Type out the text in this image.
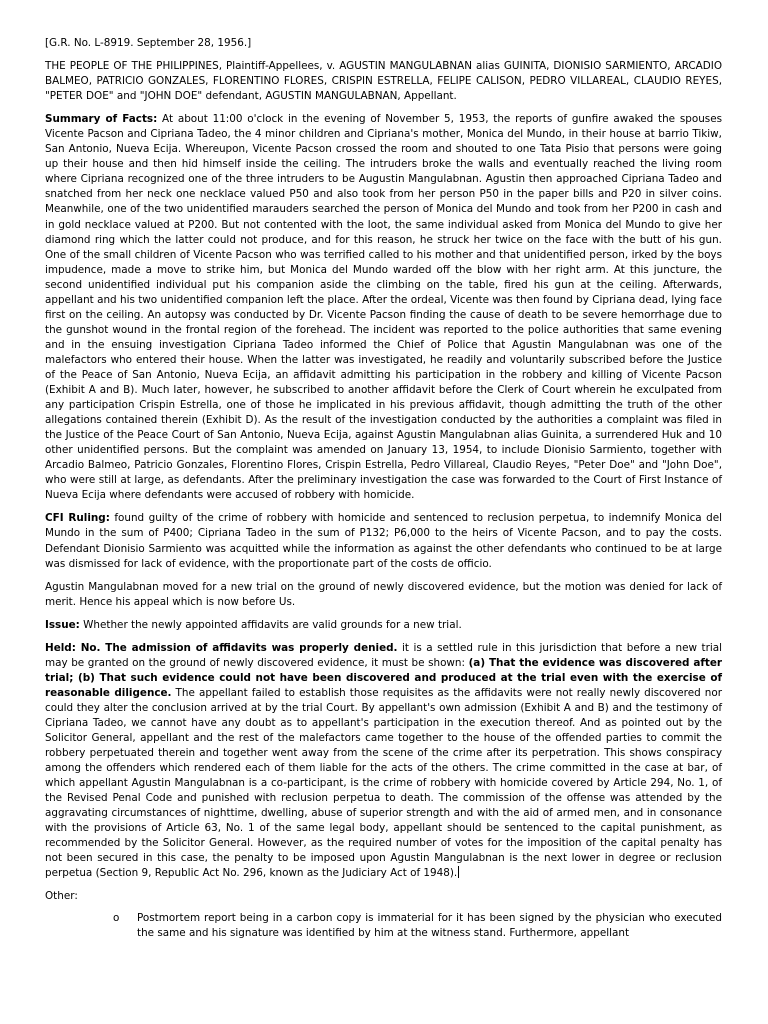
[G.R. No. L-8919. September 28, 1956.]

THE PEOPLE OF THE PHILIPPINES, Plaintiff-Appellees, v. AGUSTIN MANGULABNAN alias GUINITA, DIONISIO SARMIENTO, ARCADIO BALMEO, PATRICIO GONZALES, FLORENTINO FLORES, CRISPIN ESTRELLA, FELIPE CALISON, PEDRO VILLAREAL, CLAUDIO REYES, "PETER DOE" and "JOHN DOE" defendant, AGUSTIN MANGULABNAN, Appellant.

Summary of Facts: At about 11:00 o'clock in the evening of November 5, 1953, the reports of gunfire awaked the spouses Vicente Pacson and Cipriana Tadeo, the 4 minor children and Cipriana's mother, Monica del Mundo, in their house at barrio Tikiw, San Antonio, Nueva Ecija. Whereupon, Vicente Pacson crossed the room and shouted to one Tata Pisio that persons were going up their house and then hid himself inside the ceiling. The intruders broke the walls and eventually reached the living room where Cipriana recognized one of the three intruders to be Augustin Mangulabnan. Agustin then approached Cipriana Tadeo and snatched from her neck one necklace valued P50 and also took from her person P50 in the paper bills and P20 in silver coins. Meanwhile, one of the two unidentified marauders searched the person of Monica del Mundo and took from her P200 in cash and in gold necklace valued at P200. But not contented with the loot, the same individual asked from Monica del Mundo to give her diamond ring which the latter could not produce, and for this reason, he struck her twice on the face with the butt of his gun. One of the small children of Vicente Pacson who was terrified called to his mother and that unidentified person, irked by the boys impudence, made a move to strike him, but Monica del Mundo warded off the blow with her right arm. At this juncture, the second unidentified individual put his companion aside the climbing on the table, fired his gun at the ceiling. Afterwards, appellant and his two unidentified companion left the place. After the ordeal, Vicente was then found by Cipriana dead, lying face first on the ceiling. An autopsy was conducted by Dr. Vicente Pacson finding the cause of death to be severe hemorrhage due to the gunshot wound in the frontal region of the forehead. The incident was reported to the police authorities that same evening and in the ensuing investigation Cipriana Tadeo informed the Chief of Police that Agustin Mangulabnan was one of the malefactors who entered their house. When the latter was investigated, he readily and voluntarily subscribed before the Justice of the Peace of San Antonio, Nueva Ecija, an affidavit admitting his participation in the robbery and killing of Vicente Pacson (Exhibit A and B). Much later, however, he subscribed to another affidavit before the Clerk of Court wherein he exculpated from any participation Crispin Estrella, one of those he implicated in his previous affidavit, though admitting the truth of the other allegations contained therein (Exhibit D). As the result of the investigation conducted by the authorities a complaint was filed in the Justice of the Peace Court of San Antonio, Nueva Ecija, against Agustin Mangulabnan alias Guinita, a surrendered Huk and 10 other unidentified persons. But the complaint was amended on January 13, 1954, to include Dionisio Sarmiento, together with Arcadio Balmeo, Patricio Gonzales, Florentino Flores, Crispin Estrella, Pedro Villareal, Claudio Reyes, "Peter Doe" and "John Doe", who were still at large, as defendants. After the preliminary investigation the case was forwarded to the Court of First Instance of Nueva Ecija where defendants were accused of robbery with homicide.

CFI Ruling: found guilty of the crime of robbery with homicide and sentenced to reclusion perpetua, to indemnify Monica del Mundo in the sum of P400; Cipriana Tadeo in the sum of P132; P6,000 to the heirs of Vicente Pacson, and to pay the costs. Defendant Dionisio Sarmiento was acquitted while the information as against the other defendants who continued to be at large was dismissed for lack of evidence, with the proportionate part of the costs de officio.

Agustin Mangulabnan moved for a new trial on the ground of newly discovered evidence, but the motion was denied for lack of merit. Hence his appeal which is now before Us.

Issue: Whether the newly appointed affidavits are valid grounds for a new trial.

Held: No. The admission of affidavits was properly denied. it is a settled rule in this jurisdiction that before a new trial may be granted on the ground of newly discovered evidence, it must be shown: (a) That the evidence was discovered after trial; (b) That such evidence could not have been discovered and produced at the trial even with the exercise of reasonable diligence. The appellant failed to establish those requisites as the affidavits were not really newly discovered nor could they alter the conclusion arrived at by the trial Court. By appellant's own admission (Exhibit A and B) and the testimony of Cipriana Tadeo, we cannot have any doubt as to appellant's participation in the execution thereof. And as pointed out by the Solicitor General, appellant and the rest of the malefactors came together to the house of the offended parties to commit the robbery perpetuated therein and together went away from the scene of the crime after its perpetration. This shows conspiracy among the offenders which rendered each of them liable for the acts of the others. The crime committed in the case at bar, of which appellant Agustin Mangulabnan is a co-participant, is the crime of robbery with homicide covered by Article 294, No. 1, of the Revised Penal Code and punished with reclusion perpetua to death. The commission of the offense was attended by the aggravating circumstances of nighttime, dwelling, abuse of superior strength and with the aid of armed men, and in consonance with the provisions of Article 63, No. 1 of the same legal body, appellant should be sentenced to the capital punishment, as recommended by the Solicitor General. However, as the required number of votes for the imposition of the capital penalty has not been secured in this case, the penalty to be imposed upon Agustin Mangulabnan is the next lower in degree or reclusion perpetua (Section 9, Republic Act No. 296, known as the Judiciary Act of 1948).

Other:

o	Postmortem report being in a carbon copy is immaterial for it has been signed by the physician who executed the same and his signature was identified by him at the witness stand. Furthermore, appellant
